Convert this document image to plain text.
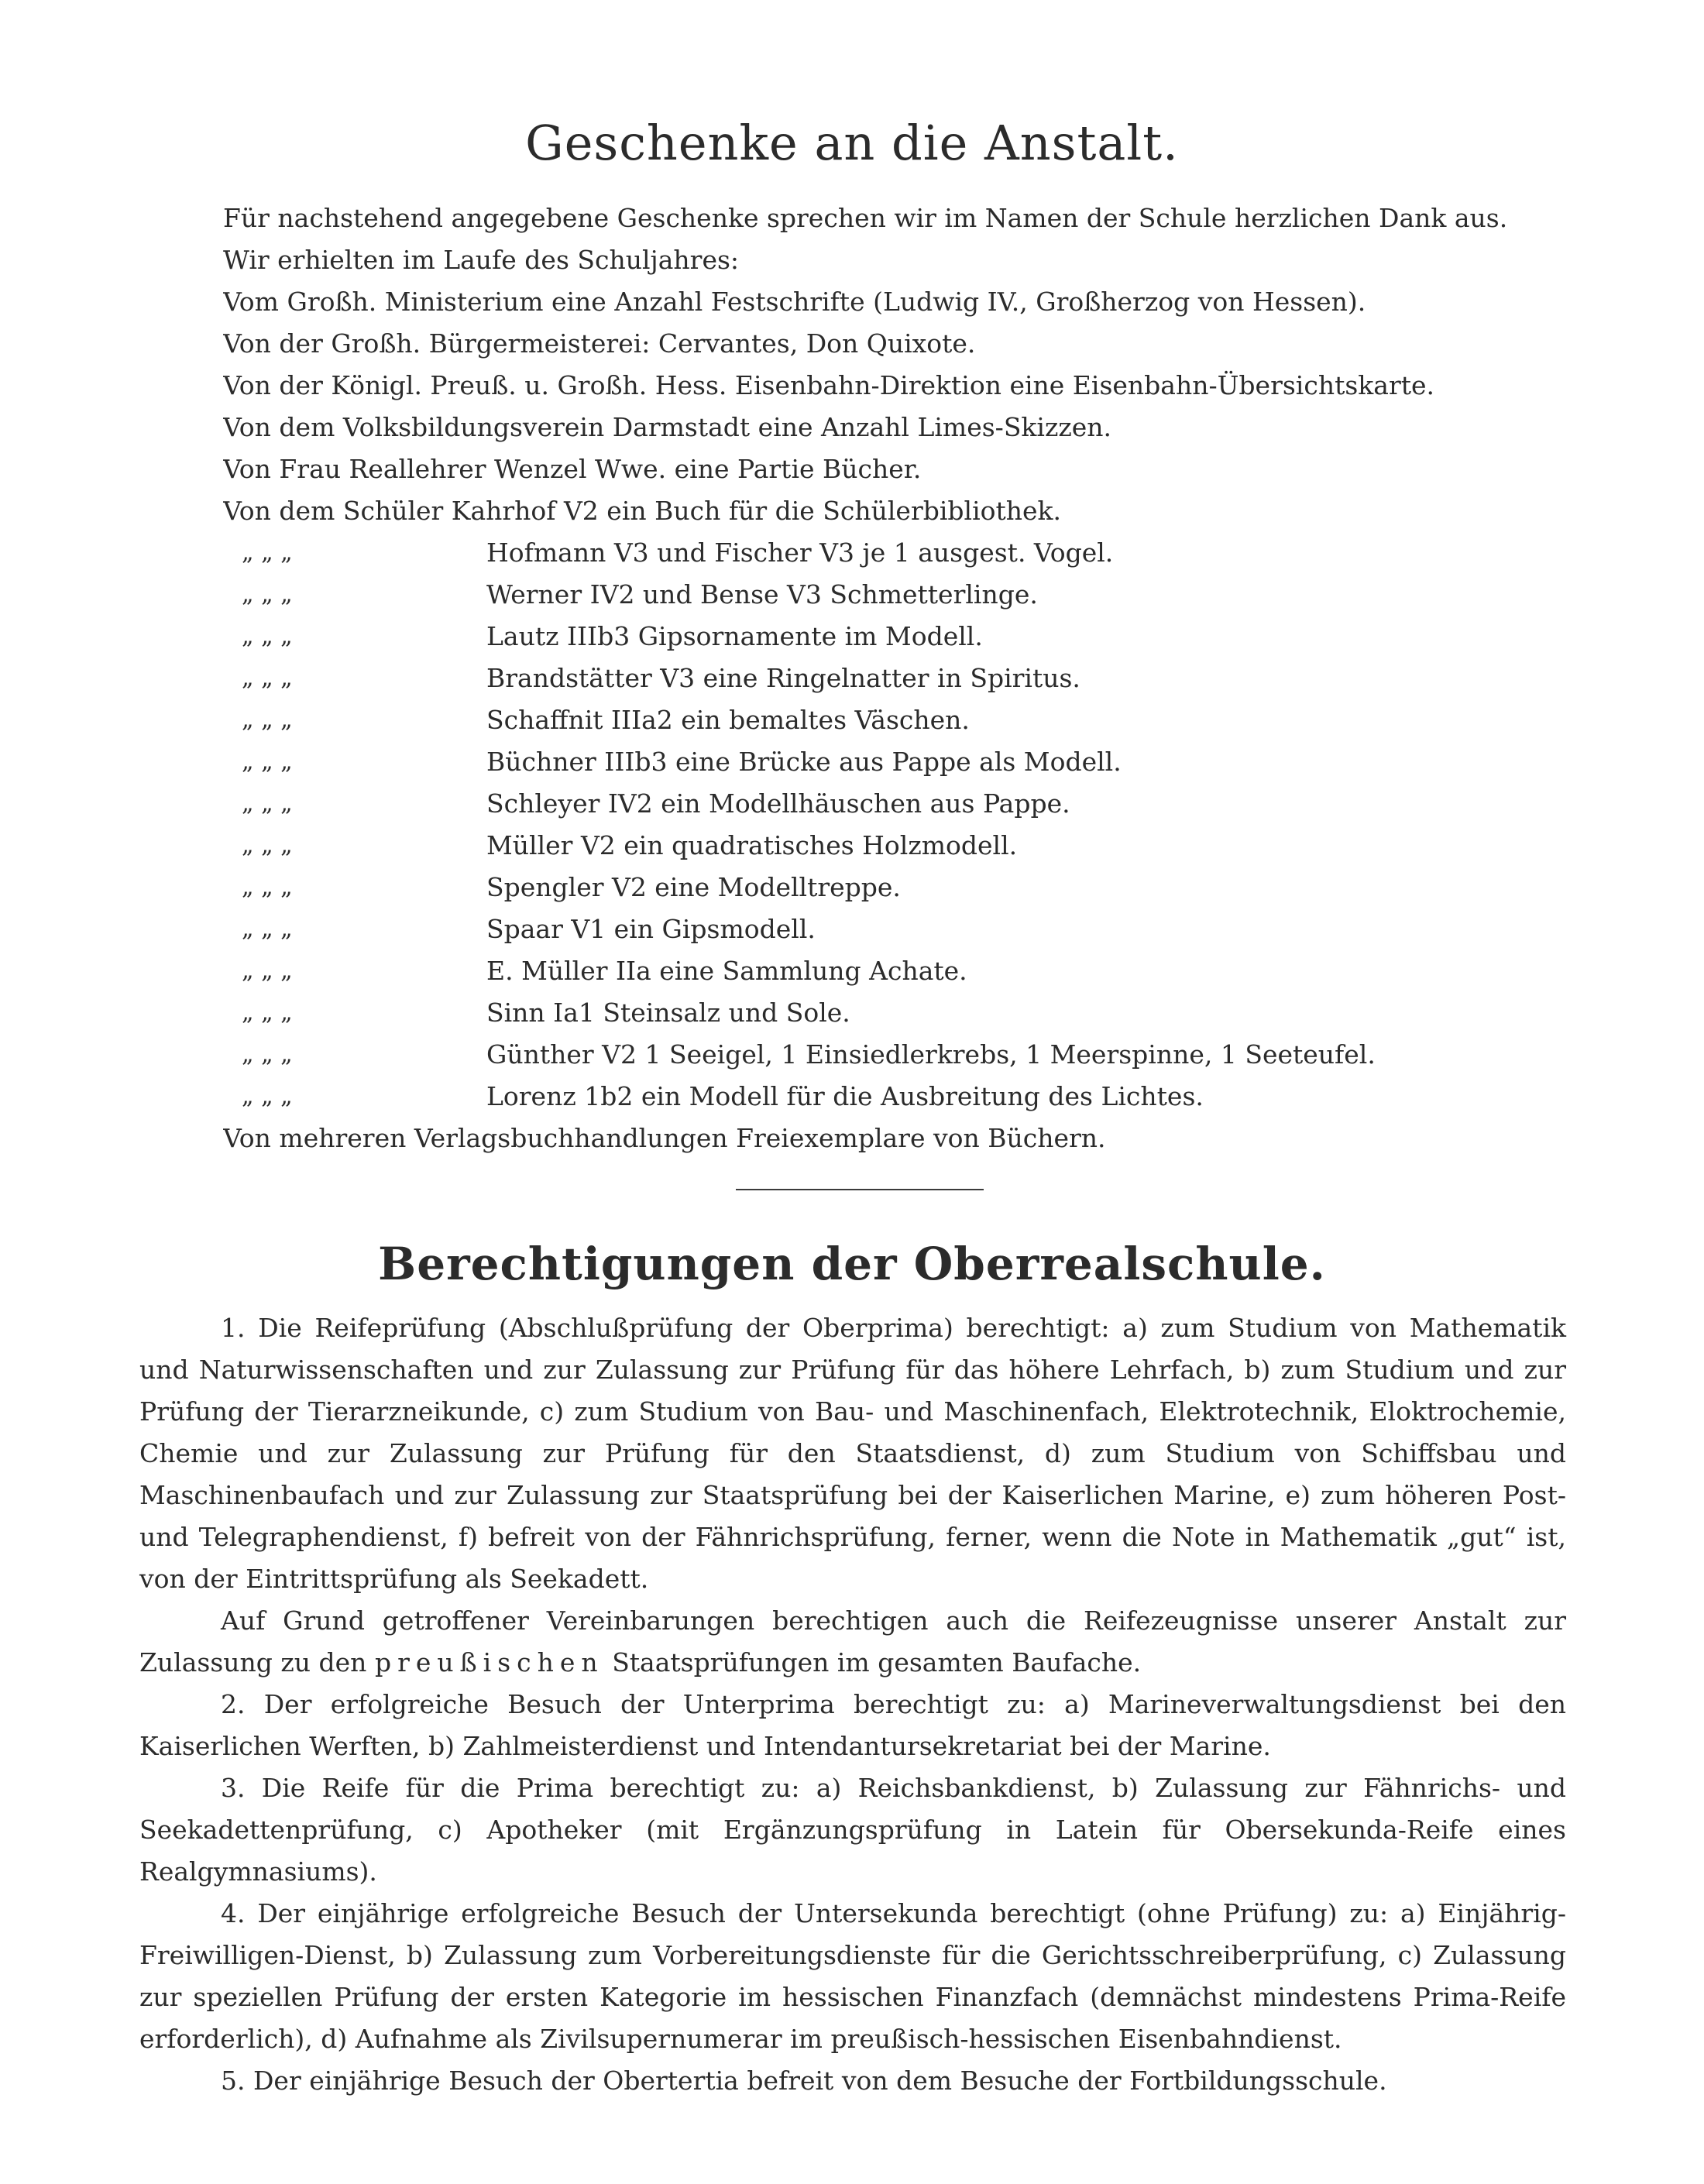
Geschenke an die Anstalt.
Für nachstehend angegebene Geschenke sprechen wir im Namen der Schule herzlichen Dank aus.
Wir erhielten im Laufe des Schuljahres:
Vom Großh. Ministerium eine Anzahl Festschrifte (Ludwig IV., Großherzog von Hessen).
Von der Großh. Bürgermeisterei: Cervantes, Don Quixote.
Von der Königl. Preuß. u. Großh. Hess. Eisenbahn-Direktion eine Eisenbahn-Übersichtskarte.
Von dem Volksbildungsverein Darmstadt eine Anzahl Limes-Skizzen.
Von Frau Reallehrer Wenzel Wwe. eine Partie Bücher.
Von dem Schüler Kahrhof V2 ein Buch für die Schülerbibliothek.
„ „ „	Hofmann V3 und Fischer V3 je 1 ausgest. Vogel.
„ „ „	Werner IV2 und Bense V3 Schmetterlinge.
„ „ „	Lautz IIIb3 Gipsornamente im Modell.
„ „ „	Brandstätter V3 eine Ringelnatter in Spiritus.
„ „ „	Schaffnit IIIa2 ein bemaltes Väschen.
„ „ „	Büchner IIIb3 eine Brücke aus Pappe als Modell.
„ „ „	Schleyer IV2 ein Modellhäuschen aus Pappe.
„ „ „	Müller V2 ein quadratisches Holzmodell.
„ „ „	Spengler V2 eine Modelltreppe.
„ „ „	Spaar V1 ein Gipsmodell.
„ „ „	E. Müller IIa eine Sammlung Achate.
„ „ „	Sinn Ia1 Steinsalz und Sole.
„ „ „	Günther V2 1 Seeigel, 1 Einsiedlerkrebs, 1 Meerspinne, 1 Seeteufel.
„ „ „	Lorenz 1b2 ein Modell für die Ausbreitung des Lichtes.
Von mehreren Verlagsbuchhandlungen Freiexemplare von Büchern.
Berechtigungen der Oberrealschule.

1. Die Reifeprüfung (Abschlußprüfung der Oberprima) berechtigt: a) zum Studium von Mathematik und Naturwissenschaften und zur Zulassung zur Prüfung für das höhere Lehrfach, b) zum Studium und zur Prüfung der Tierarzneikunde, c) zum Studium von Bau- und Maschinenfach, Elektrotechnik, Eloktrochemie, Chemie und zur Zulassung zur Prüfung für den Staatsdienst, d) zum Studium von Schiffsbau und Maschinenbaufach und zur Zulassung zur Staatsprüfung bei der Kaiserlichen Marine, e) zum höheren Post- und Telegraphendienst, f) befreit von der Fähnrichsprüfung, ferner, wenn die Note in Mathematik „gut“ ist, von der Eintrittsprüfung als Seekadett.

Auf Grund getroffener Vereinbarungen berechtigen auch die Reifezeugnisse unserer Anstalt zur Zulassung zu den preußischen Staatsprüfungen im gesamten Baufache.

2. Der erfolgreiche Besuch der Unterprima berechtigt zu: a) Marineverwaltungsdienst bei den Kaiserlichen Werften, b) Zahlmeisterdienst und Intendantursekretariat bei der Marine.

3. Die Reife für die Prima berechtigt zu: a) Reichsbankdienst, b) Zulassung zur Fähnrichs- und Seekadettenprüfung, c) Apotheker (mit Ergänzungsprüfung in Latein für Obersekunda-Reife eines Realgymnasiums).

4. Der einjährige erfolgreiche Besuch der Untersekunda berechtigt (ohne Prüfung) zu: a) Einjährig-Freiwilligen-Dienst, b) Zulassung zum Vorbereitungsdienste für die Gerichtsschreiberprüfung, c) Zulassung zur speziellen Prüfung der ersten Kategorie im hessischen Finanzfach (demnächst mindestens Prima-Reife erforderlich), d) Aufnahme als Zivilsupernumerar im preußisch-hessischen Eisenbahndienst.

5. Der einjährige Besuch der Obertertia befreit von dem Besuche der Fortbildungsschule.
